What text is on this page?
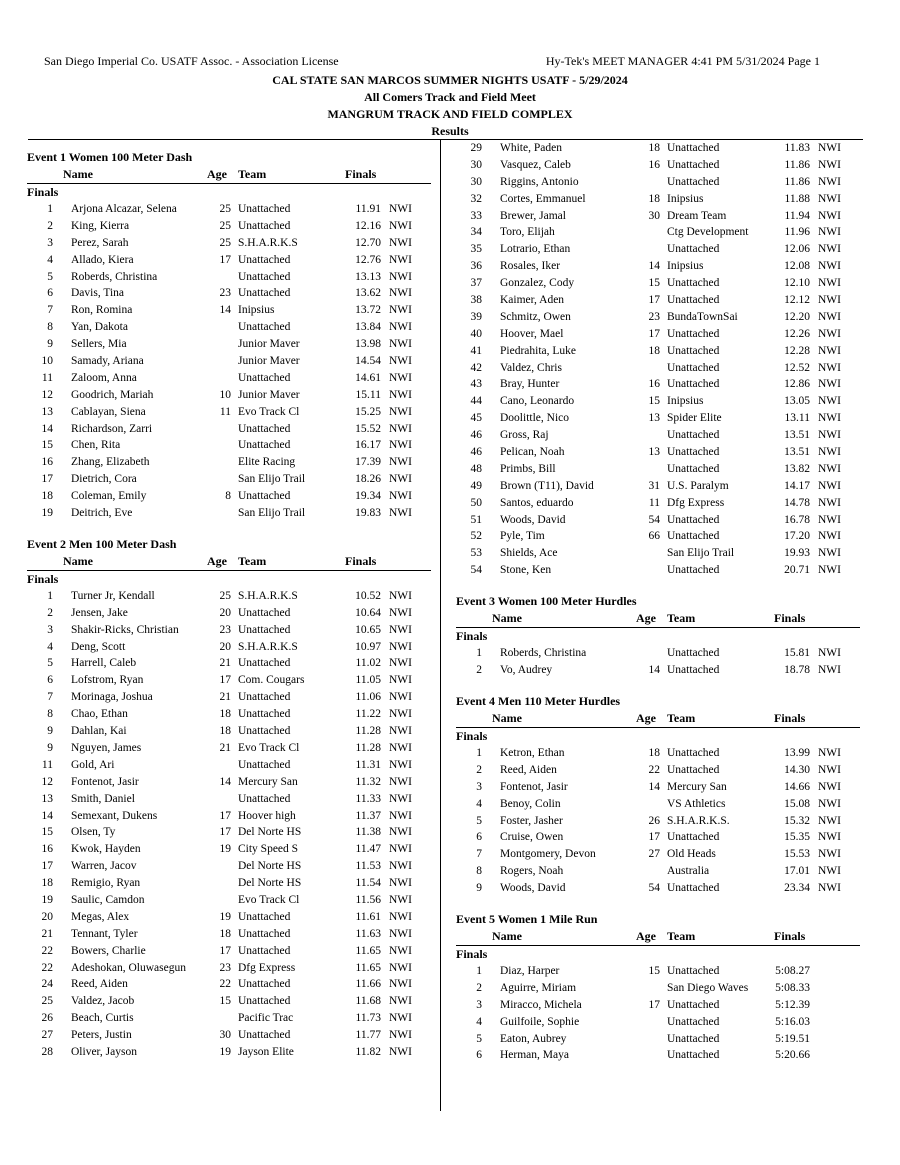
San Diego Imperial Co. USATF Assoc. - Association License	Hy-Tek's MEET MANAGER 4:41 PM 5/31/2024 Page 1
CAL STATE SAN MARCOS SUMMER NIGHTS USATF - 5/29/2024
All Comers Track and Field Meet
MANGRUM TRACK AND FIELD COMPLEX
Results
Event 1 Women 100 Meter Dash
Name	Age Team	Finals
Finals
1 Arjona Alcazar, Selena	25 Unattached	11.91 NWI
2 King, Kierra	25 Unattached	12.16 NWI
3 Perez, Sarah	25 S.H.A.R.K.S	12.70 NWI
4 Allado, Kiera	17 Unattached	12.76 NWI
5 Roberds, Christina	Unattached	13.13 NWI
6 Davis, Tina	23 Unattached	13.62 NWI
7 Ron, Romina	14 Inipsius	13.72 NWI
8 Yan, Dakota	Unattached	13.84 NWI
9 Sellers, Mia	Junior Maver	13.98 NWI
10 Samady, Ariana	Junior Maver	14.54 NWI
11 Zaloom, Anna	Unattached	14.61 NWI
12 Goodrich, Mariah	10 Junior Maver	15.11 NWI
13 Cablayan, Siena	11 Evo Track Cl	15.25 NWI
14 Richardson, Zarri	Unattached	15.52 NWI
15 Chen, Rita	Unattached	16.17 NWI
16 Zhang, Elizabeth	Elite Racing	17.39 NWI
17 Dietrich, Cora	San Elijo Trail	18.26 NWI
18 Coleman, Emily	8 Unattached	19.34 NWI
19 Deitrich, Eve	San Elijo Trail	19.83 NWI
Event 2 Men 100 Meter Dash
Name	Age Team	Finals
Finals
1 Turner Jr, Kendall	25 S.H.A.R.K.S	10.52 NWI
2 Jensen, Jake	20 Unattached	10.64 NWI
3 Shakir-Ricks, Christian	23 Unattached	10.65 NWI
4 Deng, Scott	20 S.H.A.R.K.S	10.97 NWI
5 Harrell, Caleb	21 Unattached	11.02 NWI
6 Lofstrom, Ryan	17 Com. Cougars	11.05 NWI
7 Morinaga, Joshua	21 Unattached	11.06 NWI
8 Chao, Ethan	18 Unattached	11.22 NWI
9 Dahlan, Kai	18 Unattached	11.28 NWI
9 Nguyen, James	21 Evo Track Cl	11.28 NWI
11 Gold, Ari	Unattached	11.31 NWI
12 Fontenot, Jasir	14 Mercury San	11.32 NWI
13 Smith, Daniel	Unattached	11.33 NWI
14 Semexant, Dukens	17 Hoover high	11.37 NWI
15 Olsen, Ty	17 Del Norte HS	11.38 NWI
16 Kwok, Hayden	19 City Speed S	11.47 NWI
17 Warren, Jacov	Del Norte HS	11.53 NWI
18 Remigio, Ryan	Del Norte HS	11.54 NWI
19 Saulic, Camdon	Evo Track Cl	11.56 NWI
20 Megas, Alex	19 Unattached	11.61 NWI
21 Tennant, Tyler	18 Unattached	11.63 NWI
22 Bowers, Charlie	17 Unattached	11.65 NWI
22 Adeshokan, Oluwasegun	23 Dfg Express	11.65 NWI
24 Reed, Aiden	22 Unattached	11.66 NWI
25 Valdez, Jacob	15 Unattached	11.68 NWI
26 Beach, Curtis	Pacific Trac	11.73 NWI
27 Peters, Justin	30 Unattached	11.77 NWI
28 Oliver, Jayson	19 Jayson Elite	11.82 NWI
29 White, Paden	18 Unattached	11.83 NWI
30 Vasquez, Caleb	16 Unattached	11.86 NWI
30 Riggins, Antonio	Unattached	11.86 NWI
32 Cortes, Emmanuel	18 Inipsius	11.88 NWI
33 Brewer, Jamal	30 Dream Team	11.94 NWI
34 Toro, Elijah	Ctg Development	11.96 NWI
35 Lotrario, Ethan	Unattached	12.06 NWI
36 Rosales, Iker	14 Inipsius	12.08 NWI
37 Gonzalez, Cody	15 Unattached	12.10 NWI
38 Kaimer, Aden	17 Unattached	12.12 NWI
39 Schmitz, Owen	23 BundaTownSai	12.20 NWI
40 Hoover, Mael	17 Unattached	12.26 NWI
41 Piedrahita, Luke	18 Unattached	12.28 NWI
42 Valdez, Chris	Unattached	12.52 NWI
43 Bray, Hunter	16 Unattached	12.86 NWI
44 Cano, Leonardo	15 Inipsius	13.05 NWI
45 Doolittle, Nico	13 Spider Elite	13.11 NWI
46 Gross, Raj	Unattached	13.51 NWI
46 Pelican, Noah	13 Unattached	13.51 NWI
48 Primbs, Bill	Unattached	13.82 NWI
49 Brown (T11), David	31 U.S. Paralym	14.17 NWI
50 Santos, eduardo	11 Dfg Express	14.78 NWI
51 Woods, David	54 Unattached	16.78 NWI
52 Pyle, Tim	66 Unattached	17.20 NWI
53 Shields, Ace	San Elijo Trail	19.93 NWI
54 Stone, Ken	Unattached	20.71 NWI
Event 3 Women 100 Meter Hurdles
Name	Age Team	Finals
Finals
1 Roberds, Christina	Unattached	15.81 NWI
2 Vo, Audrey	14 Unattached	18.78 NWI
Event 4 Men 110 Meter Hurdles
Name	Age Team	Finals
Finals
1 Ketron, Ethan	18 Unattached	13.99 NWI
2 Reed, Aiden	22 Unattached	14.30 NWI
3 Fontenot, Jasir	14 Mercury San	14.66 NWI
4 Benoy, Colin	VS Athletics	15.08 NWI
5 Foster, Jasher	26 S.H.A.R.K.S.	15.32 NWI
6 Cruise, Owen	17 Unattached	15.35 NWI
7 Montgomery, Devon	27 Old Heads	15.53 NWI
8 Rogers, Noah	Australia	17.01 NWI
9 Woods, David	54 Unattached	23.34 NWI
Event 5 Women 1 Mile Run
Name	Age Team	Finals
Finals
1 Diaz, Harper	15 Unattached	5:08.27
2 Aguirre, Miriam	San Diego Waves	5:08.33
3 Miracco, Michela	17 Unattached	5:12.39
4 Guilfoile, Sophie	Unattached	5:16.03
5 Eaton, Aubrey	Unattached	5:19.51
6 Herman, Maya	Unattached	5:20.66
